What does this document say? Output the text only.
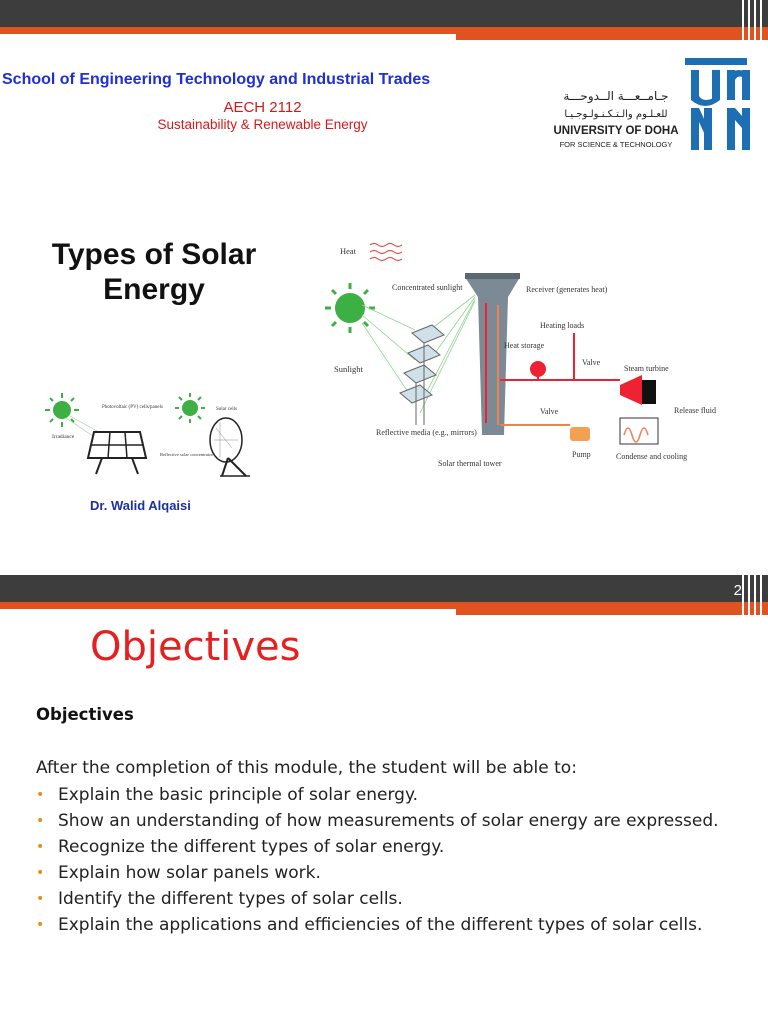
School of Engineering Technology and Industrial Trades
AECH 2112
Sustainability & Renewable Energy
جـامــعـــة الــدوحـــة
للعـلـوم والـتـكـنـولـوجـيـا
UNIVERSITY OF DOHA
FOR SCIENCE & TECHNOLOGY
Types of Solar Energy
Irradiance
Photovoltaic (PV) cells/panels	Solar cells
Reflective solar concentrator
Heat
Sunlight
Concentrated sunlight
Reflective media (e.g., mirrors)
Solar thermal tower
Receiver (generates heat)
Heating loads
Heat storage
Valve
Steam turbine
Release fluid
Valve
Pump	Condense and cooling
Dr. Walid Alqaisi
2
Objectives
Objectives
After the completion of this module, the student will be able to:
• Explain the basic principle of solar energy.
• Show an understanding of how measurements of solar energy are expressed.
• Recognize the different types of solar energy.
• Explain how solar panels work.
• Identify the different types of solar cells.
• Explain the applications and efficiencies of the different types of solar cells.
